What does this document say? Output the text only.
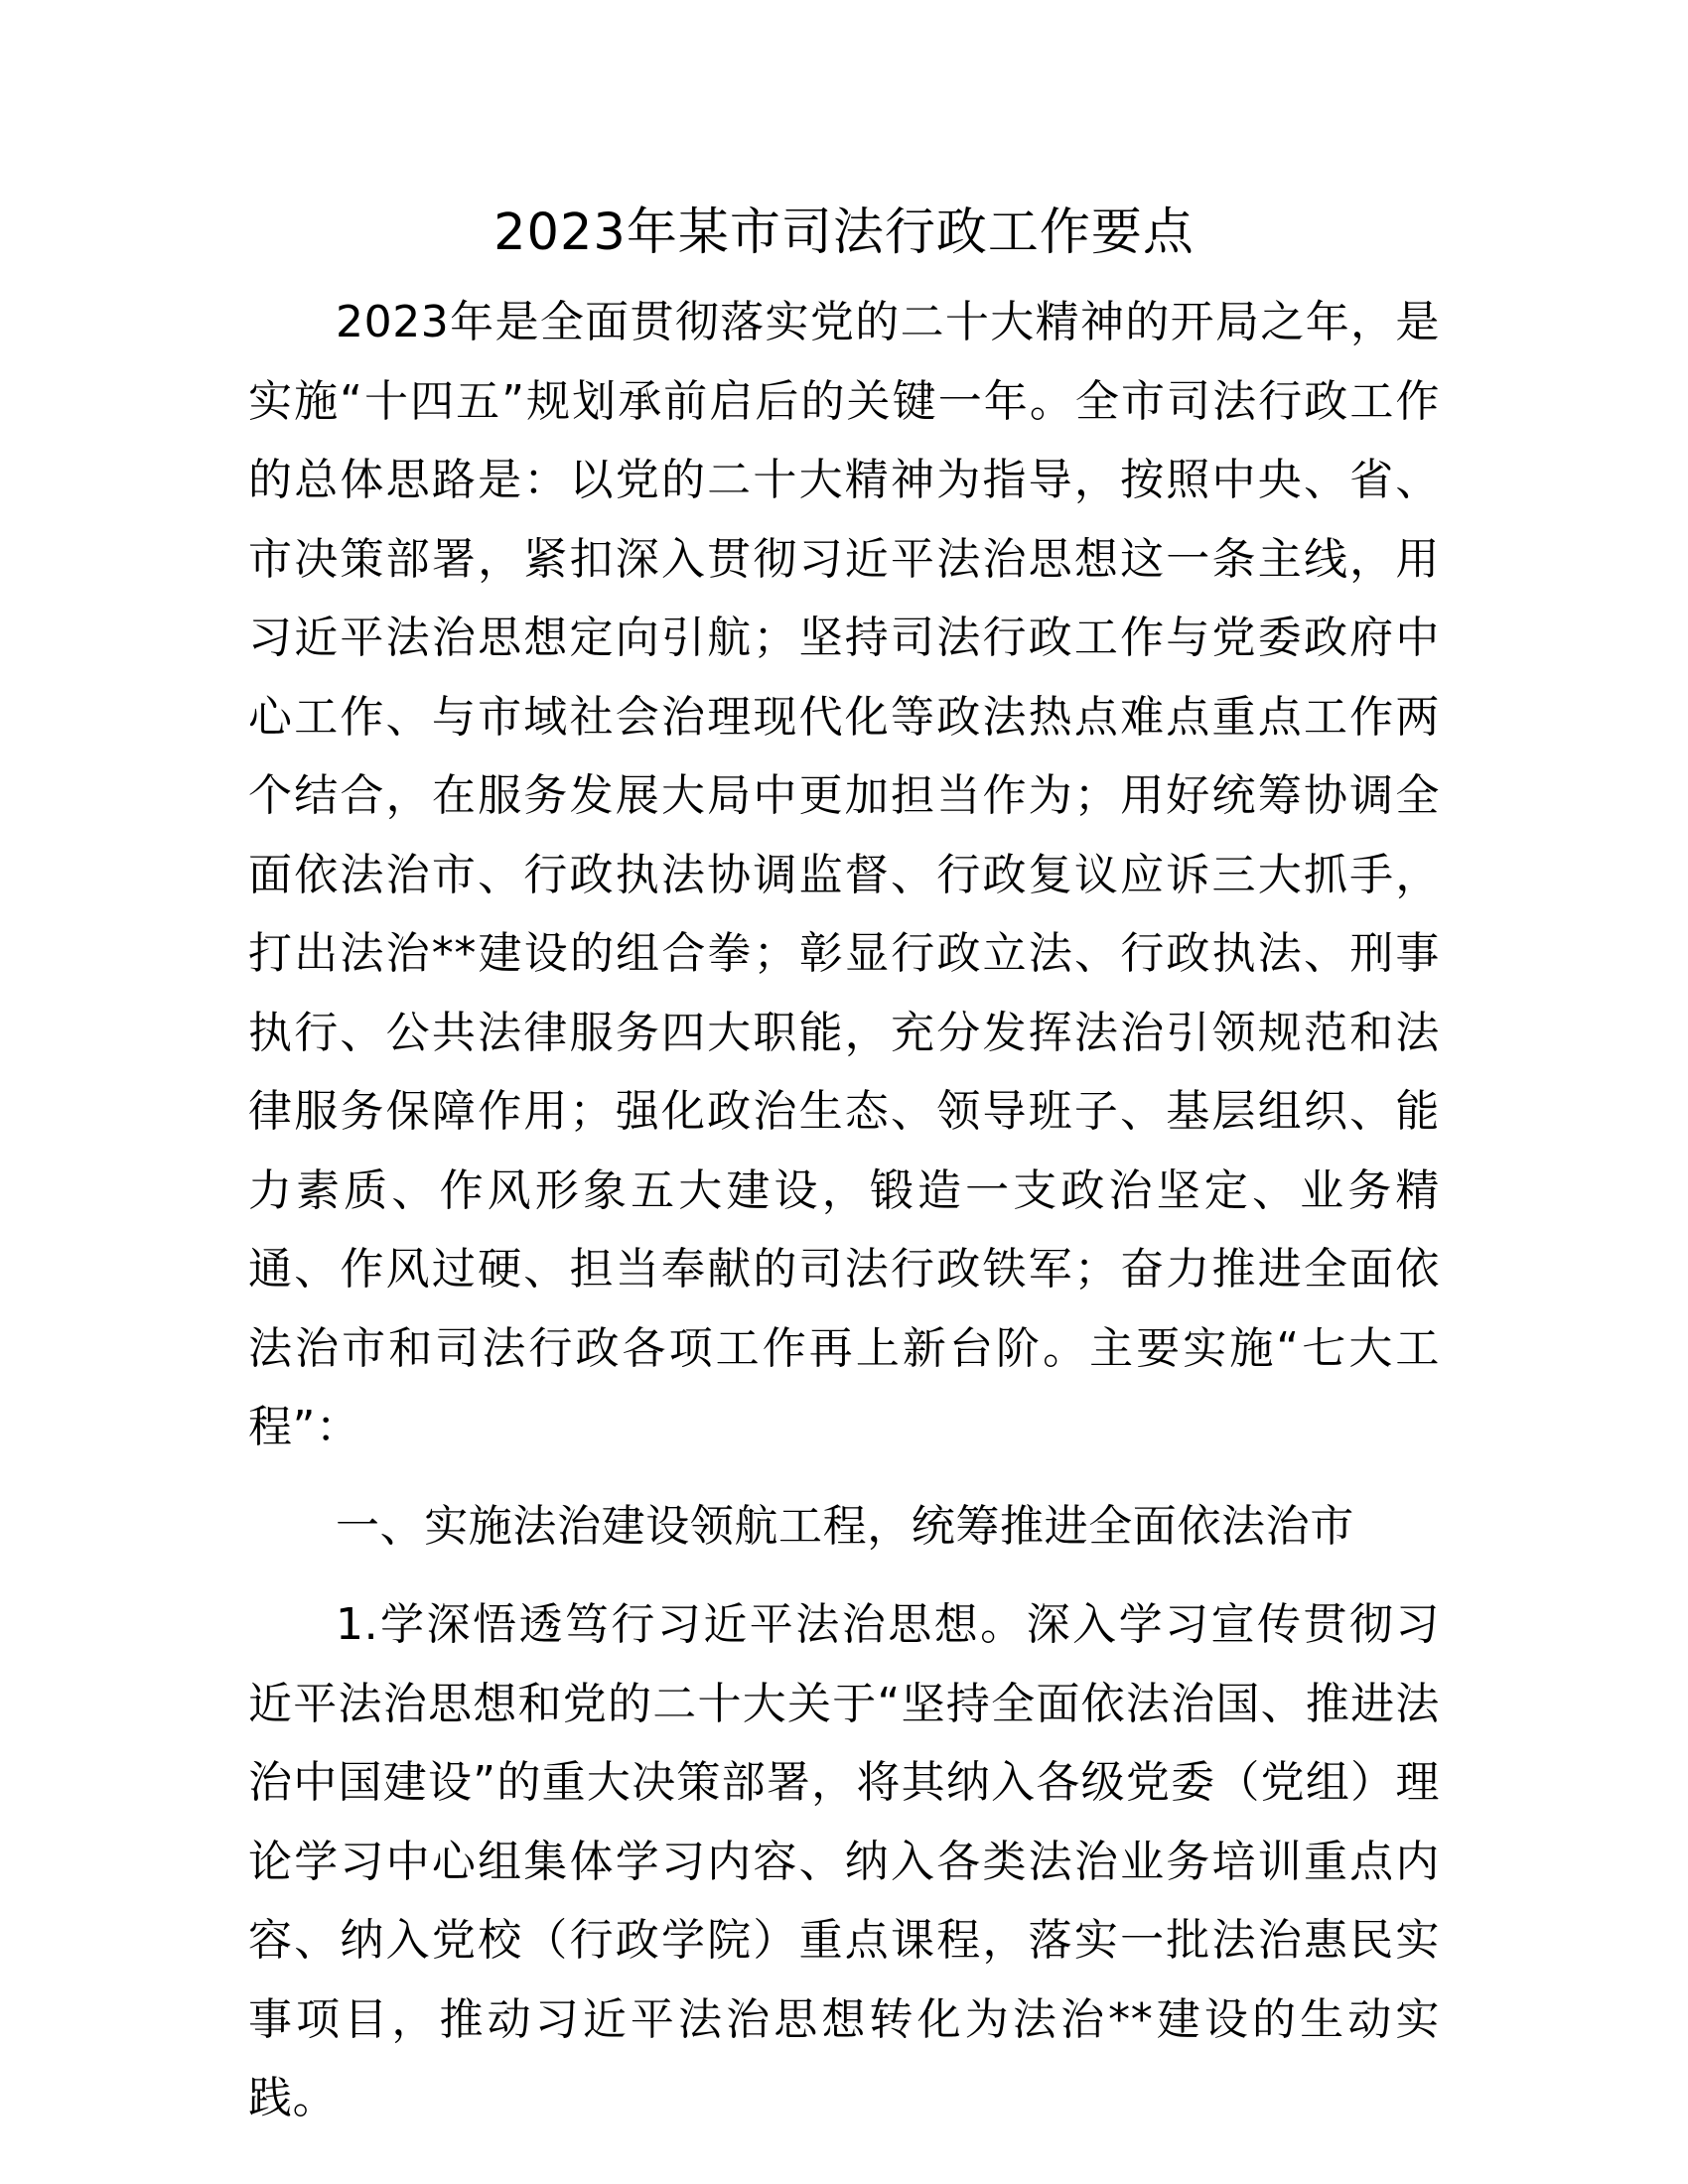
2023年某市司法行政工作要点

2023年是全面贯彻落实党的二十大精神的开局之年，是实施“十四五”规划承前启后的关键一年。全市司法行政工作的总体思路是：以党的二十大精神为指导，按照中央、省、市决策部署，紧扣深入贯彻习近平法治思想这一条主线，用习近平法治思想定向引航；坚持司法行政工作与党委政府中心工作、与市域社会治理现代化等政法热点难点重点工作两个结合，在服务发展大局中更加担当作为；用好统筹协调全面依法治市、行政执法协调监督、行政复议应诉三大抓手，打出法治**建设的组合拳；彰显行政立法、行政执法、刑事执行、公共法律服务四大职能，充分发挥法治引领规范和法律服务保障作用；强化政治生态、领导班子、基层组织、能力素质、作风形象五大建设，锻造一支政治坚定、业务精通、作风过硬、担当奉献的司法行政铁军；奋力推进全面依法治市和司法行政各项工作再上新台阶。主要实施“七大工程”：

一、实施法治建设领航工程，统筹推进全面依法治市

1.学深悟透笃行习近平法治思想。深入学习宣传贯彻习近平法治思想和党的二十大关于“坚持全面依法治国、推进法治中国建设”的重大决策部署，将其纳入各级党委（党组）理论学习中心组集体学习内容、纳入各类法治业务培训重点内容、纳入党校（行政学院）重点课程，落实一批法治惠民实事项目，推动习近平法治思想转化为法治**建设的生动实践。
